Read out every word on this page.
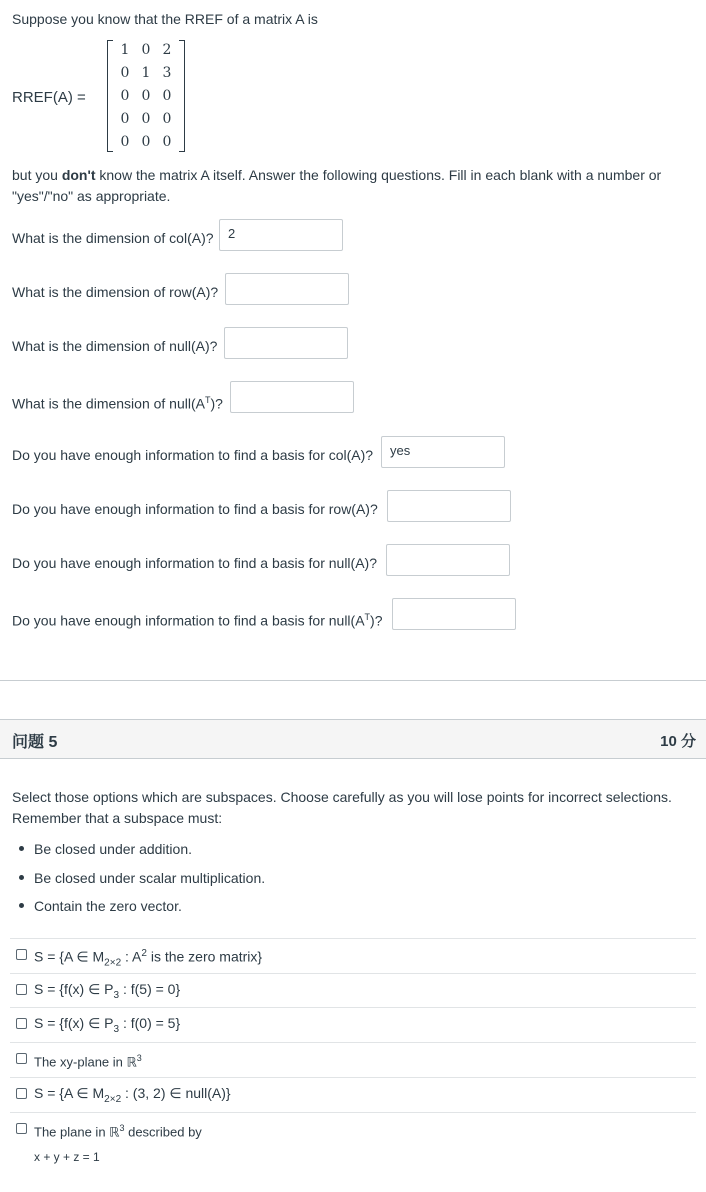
Suppose you know that the RREF of a matrix A is
RREF(A) =
1 0 2
0 1 3
0 0 0
0 0 0
0 0 0
but you don't know the matrix A itself. Answer the following questions. Fill in each blank with a number or
"yes"/"no" as appropriate.
What is the dimension of col(A)?	2
What is the dimension of row(A)?
What is the dimension of null(A)?
What is the dimension of $null(A^T)$?
Do you have enough information to find a basis for col(A)?	yes
Do you have enough information to find a basis for row(A)?
Do you have enough information to find a basis for null(A)?
Do you have enough information to find a basis for $null(A^T)$?
问题 5	10 分
Select those options which are subspaces. Choose carefully as you will lose points for incorrect selections.
Remember that a subspace must:
Be closed under addition.
Be closed under scalar multiplication.
Contain the zero vector.
S = {A ∈ $M_{2\times 2}$ : $A^2$ is the zero matrix}
S = {f(x) ∈ $P_3$ : f(5) = 0}
S = {f(x) ∈ $P_3$ : f(0) = 5}
The xy-plane in ℝ$^3$
S = {A ∈ $M_{2\times 2}$ : (3, 2) ∈ null(A)}
The plane in ℝ$^3$ described by
x + y + z = 1
